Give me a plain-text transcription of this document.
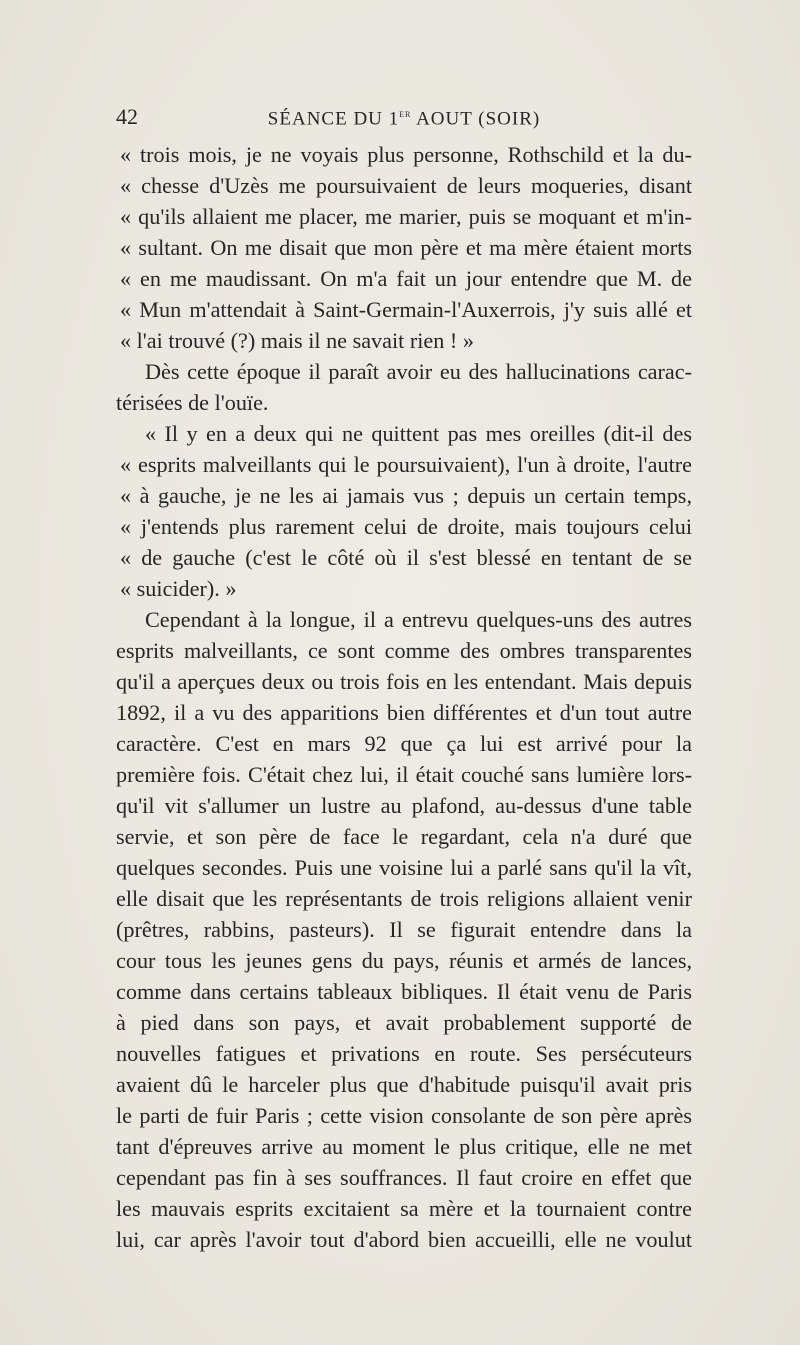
42	SÉANCE DU 1er AOUT (SOIR)
« trois mois, je ne voyais plus personne, Rothschild et la du-
« chesse d'Uzès me poursuivaient de leurs moqueries, disant
« qu'ils allaient me placer, me marier, puis se moquant et m'in-
« sultant. On me disait que mon père et ma mère étaient morts
« en me maudissant. On m'a fait un jour entendre que M. de
« Mun m'attendait à Saint-Germain-l'Auxerrois, j'y suis allé et
« l'ai trouvé (?) mais il ne savait rien ! »
Dès cette époque il paraît avoir eu des hallucinations carac-
térisées de l'ouïe.
« Il y en a deux qui ne quittent pas mes oreilles (dit-il des
« esprits malveillants qui le poursuivaient), l'un à droite, l'autre
« à gauche, je ne les ai jamais vus ; depuis un certain temps,
« j'entends plus rarement celui de droite, mais toujours celui
« de gauche (c'est le côté où il s'est blessé en tentant de se
« suicider). »
Cependant à la longue, il a entrevu quelques-uns des autres
esprits malveillants, ce sont comme des ombres transparentes
qu'il a aperçues deux ou trois fois en les entendant. Mais depuis
1892, il a vu des apparitions bien différentes et d'un tout autre
caractère. C'est en mars 92 que ça lui est arrivé pour la
première fois. C'était chez lui, il était couché sans lumière lors-
qu'il vit s'allumer un lustre au plafond, au-dessus d'une table
servie, et son père de face le regardant, cela n'a duré que
quelques secondes. Puis une voisine lui a parlé sans qu'il la vît,
elle disait que les représentants de trois religions allaient venir
(prêtres, rabbins, pasteurs). Il se figurait entendre dans la
cour tous les jeunes gens du pays, réunis et armés de lances,
comme dans certains tableaux bibliques. Il était venu de Paris
à pied dans son pays, et avait probablement supporté de
nouvelles fatigues et privations en route. Ses persécuteurs
avaient dû le harceler plus que d'habitude puisqu'il avait pris
le parti de fuir Paris ; cette vision consolante de son père après
tant d'épreuves arrive au moment le plus critique, elle ne met
cependant pas fin à ses souffrances. Il faut croire en effet que
les mauvais esprits excitaient sa mère et la tournaient contre
lui, car après l'avoir tout d'abord bien accueilli, elle ne voulut
